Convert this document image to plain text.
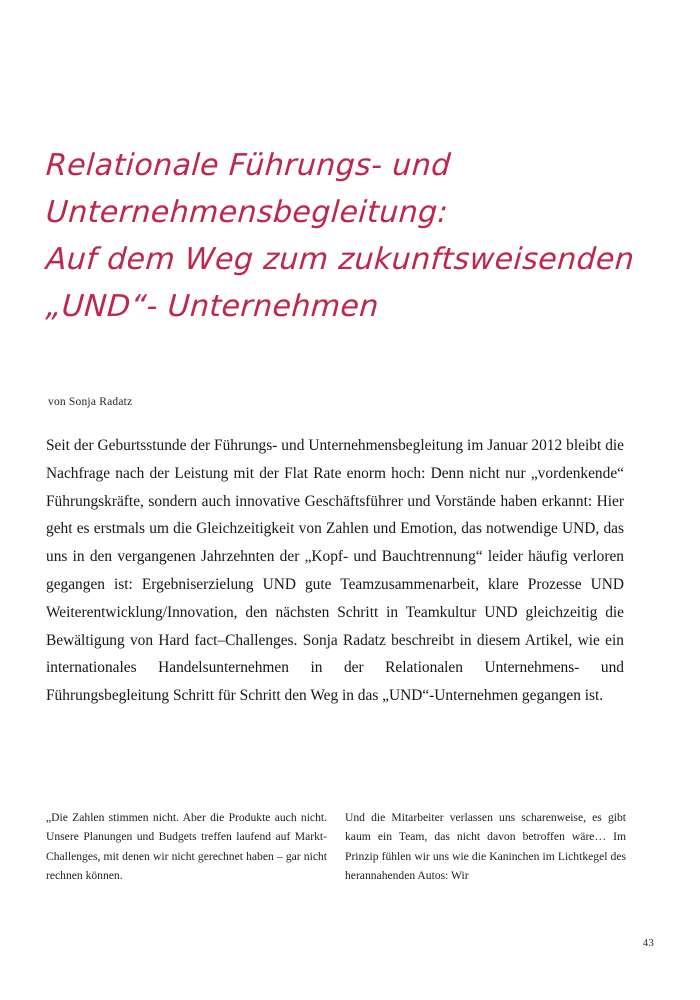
Relationale Führungs- und
Unternehmensbegleitung:
Auf dem Weg zum zukunftsweisenden
„UND“- Unternehmen
von Sonja Radatz
Seit der Geburtsstunde der Führungs- und Unternehmensbegleitung im Januar 2012 bleibt die Nachfrage nach der Leistung mit der Flat Rate enorm hoch: Denn nicht nur „vordenkende“ Führungskräfte, sondern auch innovative Geschäftsführer und Vorstände haben erkannt: Hier geht es erstmals um die Gleichzeitigkeit von Zahlen und Emotion, das notwendige UND, das uns in den vergangenen Jahrzehnten der „Kopf- und Bauchtrennung“ leider häufig verloren gegangen ist: Ergebniserzielung UND gute Teamzusammenarbeit, klare Prozesse UND Weiterentwicklung/Innovation, den nächsten Schritt in Teamkultur UND gleichzeitig die Bewältigung von Hard fact–Challenges. Sonja Radatz beschreibt in diesem Artikel, wie ein internationales Handelsunternehmen in der Relationalen Unternehmens- und Führungsbegleitung Schritt für Schritt den Weg in das „UND“-Unternehmen gegangen ist.
„Die Zahlen stimmen nicht. Aber die Produkte auch nicht. Unsere Planungen und Budgets treffen laufend auf Markt-Challenges, mit denen wir nicht gerechnet haben – gar nicht rechnen können.
Und die Mitarbeiter verlassen uns scharenweise, es gibt kaum ein Team, das nicht davon betroffen wäre… Im Prinzip fühlen wir uns wie die Kaninchen im Lichtkegel des herannahenden Autos: Wir
43
